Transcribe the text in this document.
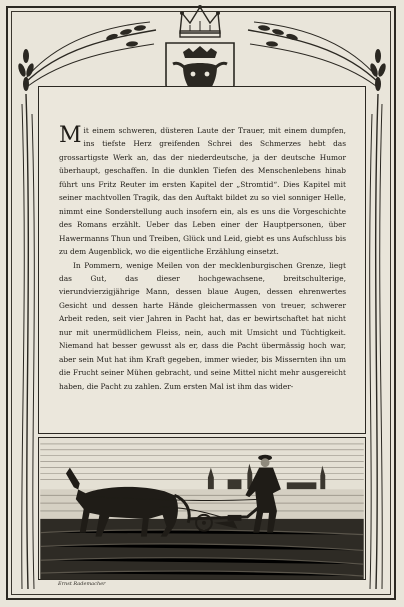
Mit einem schweren, düsteren Laute der Trauer, mit einem dumpfen, ins tiefste Herz greifenden Schrei des Schmerzes hebt das grossartigste Werk an, das der niederdeutsche, ja der deutsche Humor überhaupt, geschaffen. In die dunklen Tiefen des Menschenlebens hinab führt uns Fritz Reuter im ersten Kapitel der „Stromtid“. Dies Kapitel mit seiner machtvollen Tragik, das den Auftakt bildet zu so viel sonniger Helle, nimmt eine Sonderstellung auch insofern ein, als es uns die Vorgeschichte des Romans erzählt. Ueber das Leben einer der Hauptpersonen, über Hawermanns Thun und Treiben, Glück und Leid, giebt es uns Aufschluss bis zu dem Augenblick, wo die eigentliche Erzählung einsetzt.

In Pommern, wenige Meilen von der mecklenburgischen Grenze, liegt das Gut, das dieser hochgewachsene, breitschulterige, vierundvierzigjährige Mann, dessen blaue Augen, dessen ehrenwertes Gesicht und dessen harte Hände gleichermassen von treuer, schwerer Arbeit reden, seit vier Jahren in Pacht hat, das er bewirtschaftet hat nicht nur mit unermüdlichem Fleiss, nein, auch mit Umsicht und Tüchtigkeit. Niemand hat besser gewusst als er, dass die Pacht übermässig hoch war, aber sein Mut hat ihm Kraft gegeben, immer wieder, bis Missernten ihn um die Frucht seiner Mühen gebracht, und seine Mittel nicht mehr ausgereicht haben, die Pacht zu zahlen. Zum ersten Mal ist ihm das wider-

Ernst Rademacher
